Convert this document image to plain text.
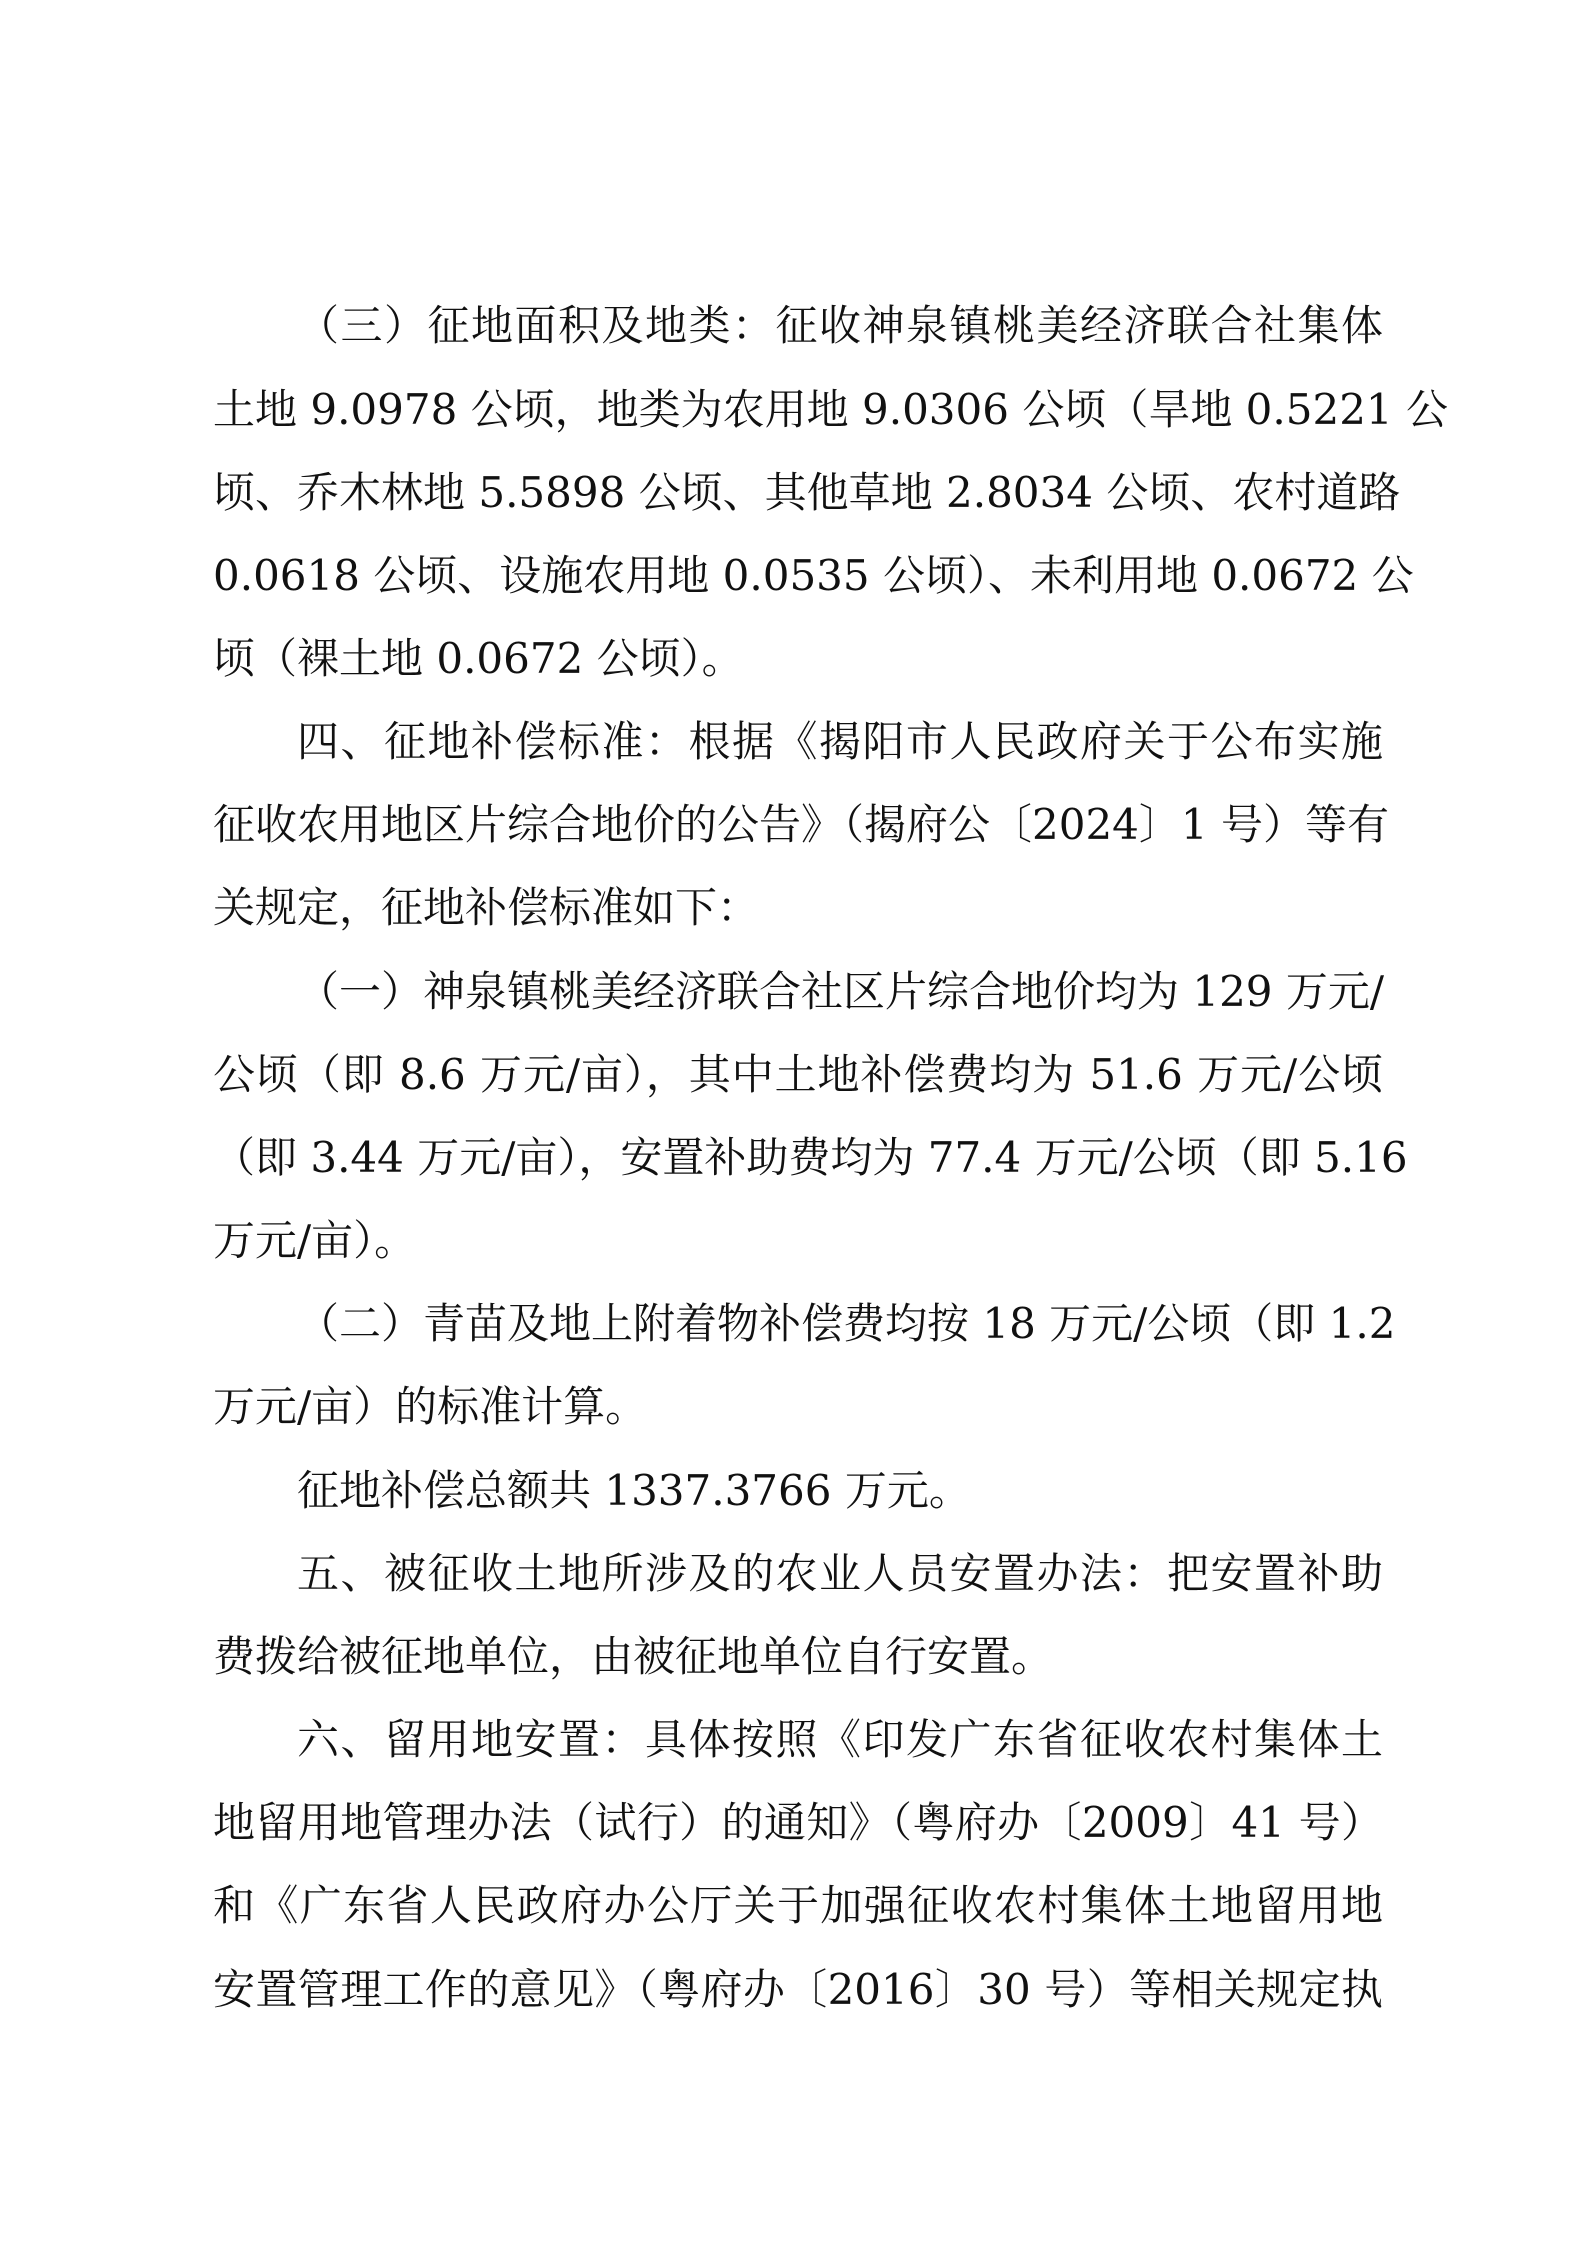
（三）征地面积及地类：征收神泉镇桃美经济联合社集体
土地 9.0978 公顷，地类为农用地 9.0306 公顷（旱地 0.5221 公
顷、乔木林地 5.5898 公顷、其他草地 2.8034 公顷、农村道路
0.0618 公顷、设施农用地 0.0535 公顷）、未利用地 0.0672 公
顷（裸土地 0.0672 公顷）。
四、征地补偿标准：根据《揭阳市人民政府关于公布实施
征收农用地区片综合地价的公告》（揭府公〔2024〕1 号）等有
关规定，征地补偿标准如下：
（一）神泉镇桃美经济联合社区片综合地价均为 129 万元/
公顷（即 8.6 万元/亩），其中土地补偿费均为 51.6 万元/公顷
（即 3.44 万元/亩），安置补助费均为 77.4 万元/公顷（即 5.16
万元/亩）。
（二）青苗及地上附着物补偿费均按 18 万元/公顷（即 1.2
万元/亩）的标准计算。
征地补偿总额共 1337.3766 万元。
五、被征收土地所涉及的农业人员安置办法：把安置补助
费拨给被征地单位，由被征地单位自行安置。
六、留用地安置：具体按照《印发广东省征收农村集体土
地留用地管理办法（试行）的通知》（粤府办〔2009〕41 号）
和《广东省人民政府办公厅关于加强征收农村集体土地留用地
安置管理工作的意见》（粤府办〔2016〕30 号）等相关规定执
